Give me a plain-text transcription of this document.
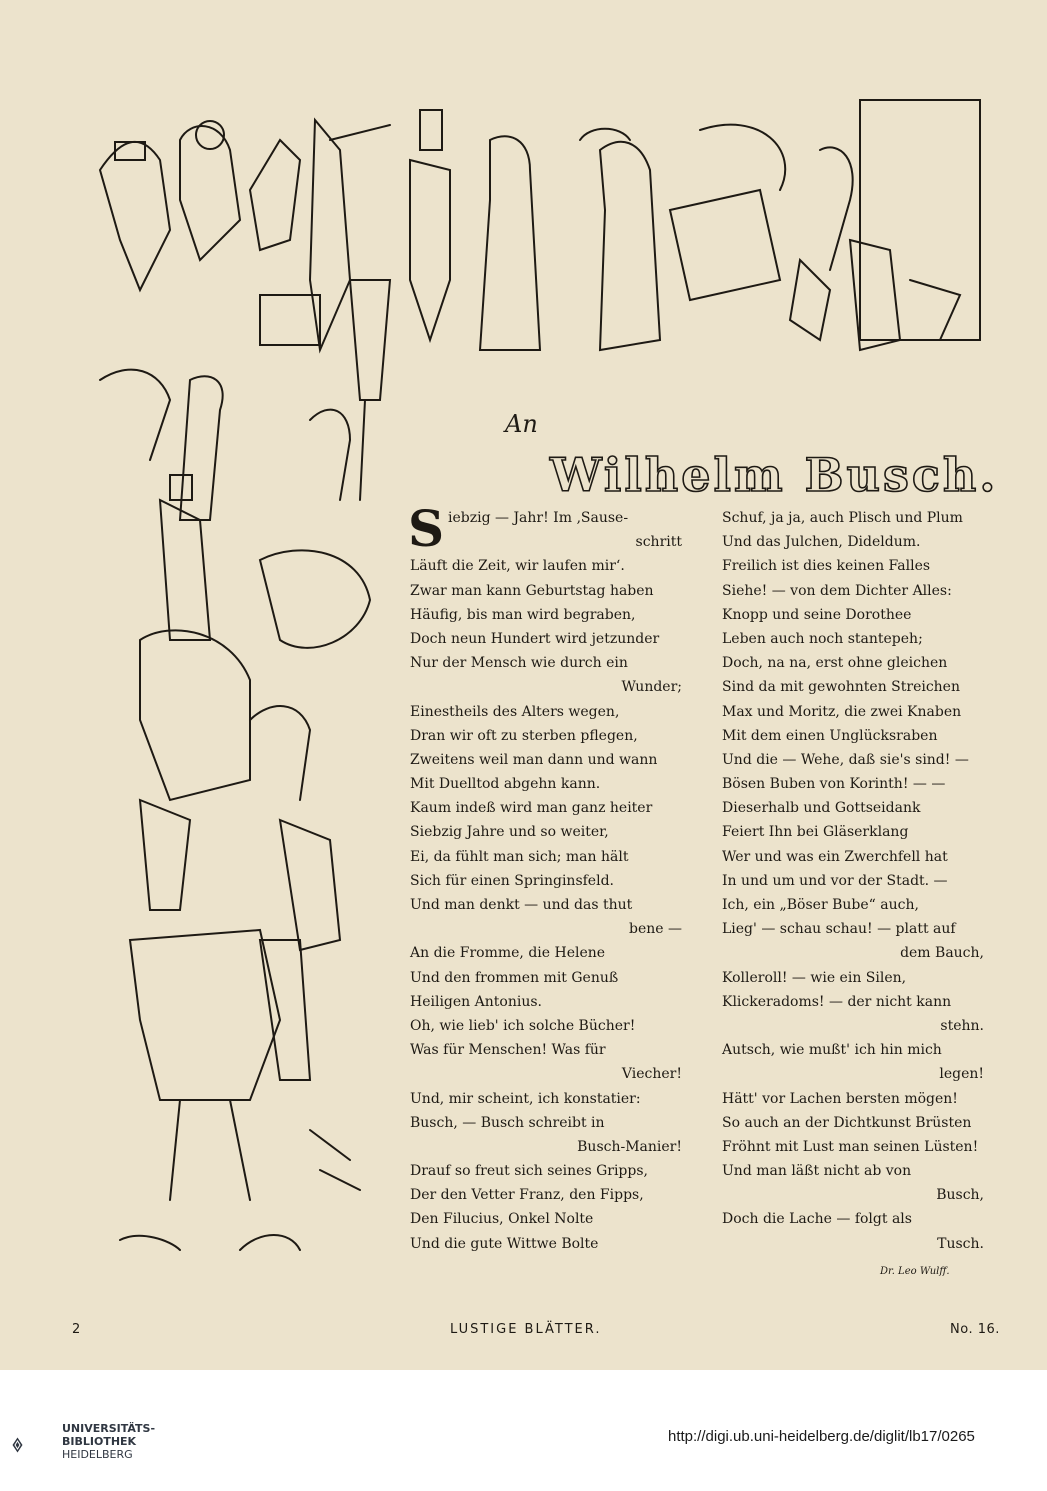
An
Wilhelm Busch.
S iebzig — Jahr! Im ‚Sause-
schritt
Läuft die Zeit, wir laufen mir‘.
Zwar man kann Geburtstag haben
Häufig, bis man wird begraben,
Doch neun Hundert wird jetzunder
Nur der Mensch wie durch ein
Wunder;
Einestheils des Alters wegen,
Dran wir oft zu sterben pflegen,
Zweitens weil man dann und wann
Mit Duelltod abgehn kann.
Kaum indeß wird man ganz heiter
Siebzig Jahre und so weiter,
Ei, da fühlt man sich; man hält
Sich für einen Springinsfeld.
Und man denkt — und das thut
bene —
An die Fromme, die Helene
Und den frommen mit Genuß
Heiligen Antonius.
Oh, wie lieb' ich solche Bücher!
Was für Menschen! Was für
Viecher!
Und, mir scheint, ich konstatier:
Busch, — Busch schreibt in
Busch-Manier!
Drauf so freut sich seines Gripps,
Der den Vetter Franz, den Fipps,
Den Filucius, Onkel Nolte
Und die gute Wittwe Bolte
Schuf, ja ja, auch Plisch und Plum
Und das Julchen, Dideldum.
Freilich ist dies keinen Falles
Siehe! — von dem Dichter Alles:
Knopp und seine Dorothee
Leben auch noch stantepeh;
Doch, na na, erst ohne gleichen
Sind da mit gewohnten Streichen
Max und Moritz, die zwei Knaben
Mit dem einen Unglücksraben
Und die — Wehe, daß sie's sind! —
Bösen Buben von Korinth! — —
Dieserhalb und Gottseidank
Feiert Ihn bei Gläserklang
Wer und was ein Zwerchfell hat
In und um und vor der Stadt. —
Ich, ein „Böser Bube“ auch,
Lieg' — schau schau! — platt auf
dem Bauch,
Kolleroll! — wie ein Silen,
Klickeradoms! — der nicht kann
stehn.
Autsch, wie mußt' ich hin mich
legen!
Hätt' vor Lachen bersten mögen!
So auch an der Dichtkunst Brüsten
Fröhnt mit Lust man seinen Lüsten!
Und man läßt nicht ab von
Busch,
Doch die Lache — folgt als
Tusch.
Dr. Leo Wulff.
2	LUSTIGE BLÄTTER.	No. 16.
UNIVERSITÄTS-
BIBLIOTHEK
HEIDELBERG
http://digi.ub.uni-heidelberg.de/diglit/lb17/0265
